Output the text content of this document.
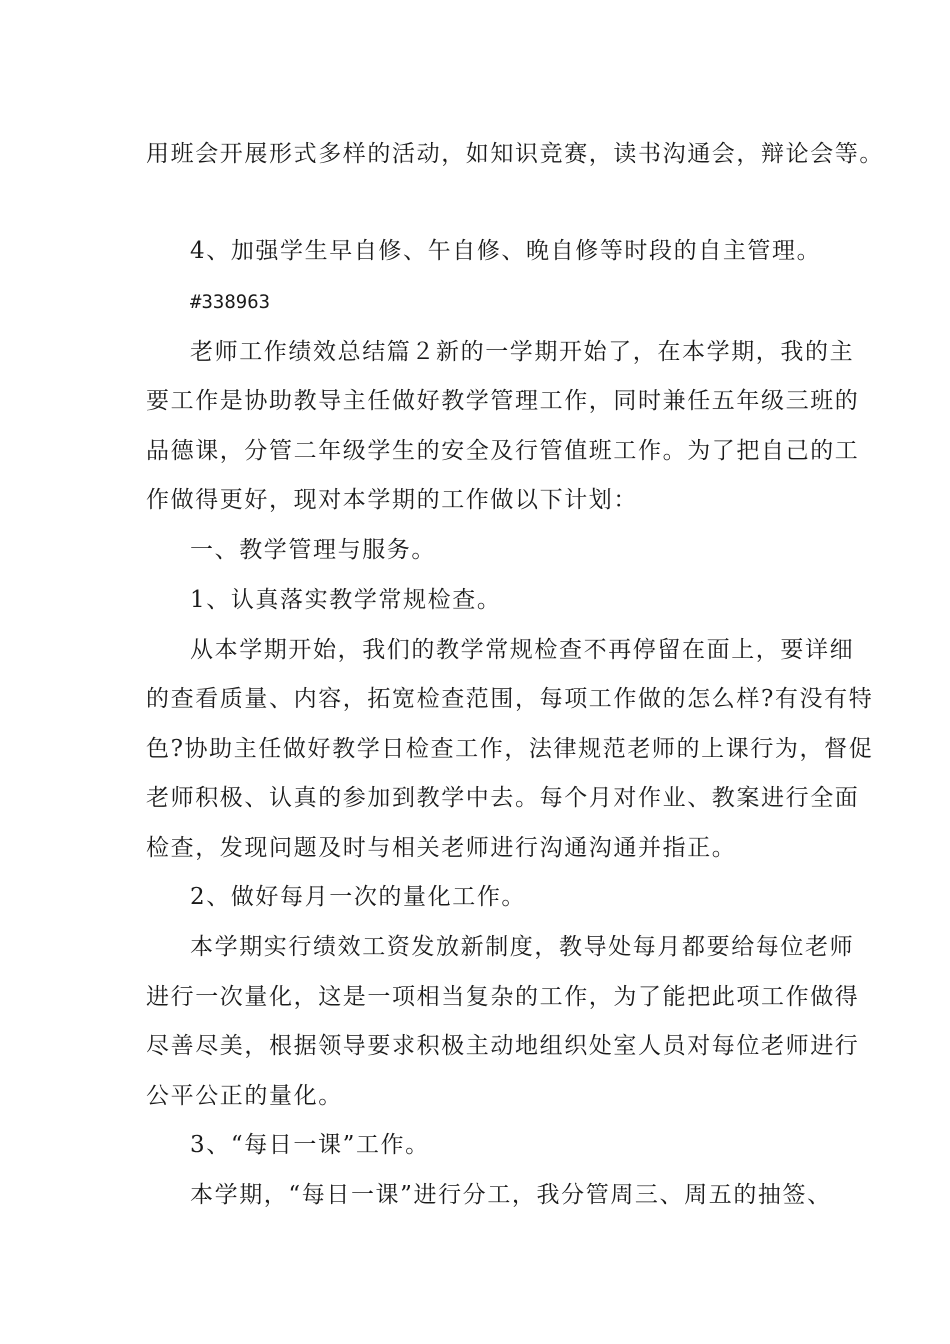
用班会开展形式多样的活动，如知识竞赛，读书沟通会，辩论会等。
4、加强学生早自修、午自修、晚自修等时段的自主管理。
#338963
老师工作绩效总结篇２新的一学期开始了，在本学期，我的主
要工作是协助教导主任做好教学管理工作，同时兼任五年级三班的
品德课，分管二年级学生的安全及行管值班工作。为了把自己的工
作做得更好，现对本学期的工作做以下计划：
一、教学管理与服务。
1、认真落实教学常规检查。
从本学期开始，我们的教学常规检查不再停留在面上，要详细
的查看质量、内容，拓宽检查范围，每项工作做的怎么样?有没有特
色?协助主任做好教学日检查工作，法律规范老师的上课行为，督促
老师积极、认真的参加到教学中去。每个月对作业、教案进行全面
检查，发现问题及时与相关老师进行沟通沟通并指正。
2、做好每月一次的量化工作。
本学期实行绩效工资发放新制度，教导处每月都要给每位老师
进行一次量化，这是一项相当复杂的工作，为了能把此项工作做得
尽善尽美，根据领导要求积极主动地组织处室人员对每位老师进行
公平公正的量化。
3、“每日一课”工作。
本学期，“每日一课”进行分工，我分管周三、周五的抽签、
